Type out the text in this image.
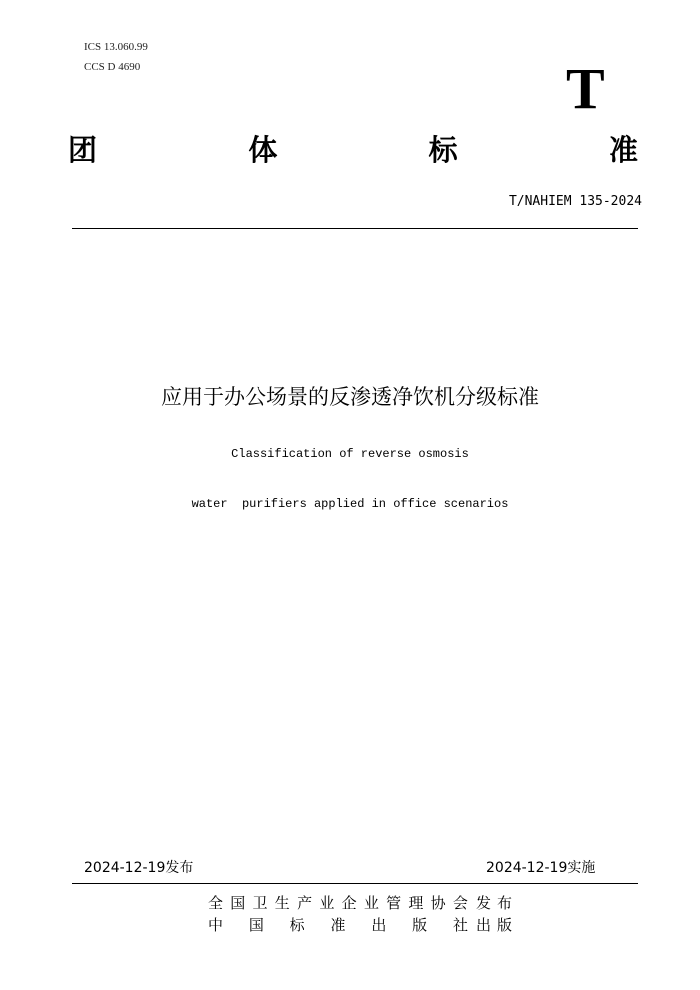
ICS 13.060.99
CCS D 4690	T
团	体	标	准
T/NAHIEM 135-2024
应用于办公场景的反渗透净饮机分级标准
Classification of reverse osmosis
water  purifiers applied in office scenarios
2024-12-19发布	2024-12-19实施
全 国 卫 生 产 业 企 业 管 理 协 会 发 布
中 国 标 准 出 版 社 出 版
